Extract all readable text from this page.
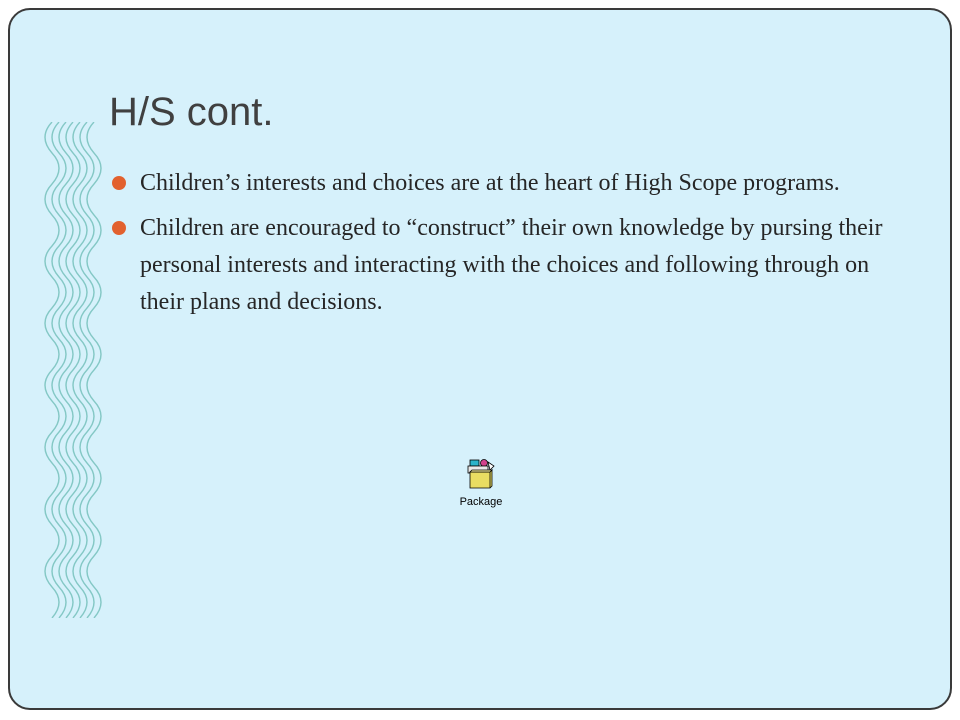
H/S cont.
Children’s interests and choices are at the heart of High Scope programs.
Children are encouraged to “construct” their own knowledge by pursing their personal interests and interacting with the choices and following through on their plans and decisions.
Package
